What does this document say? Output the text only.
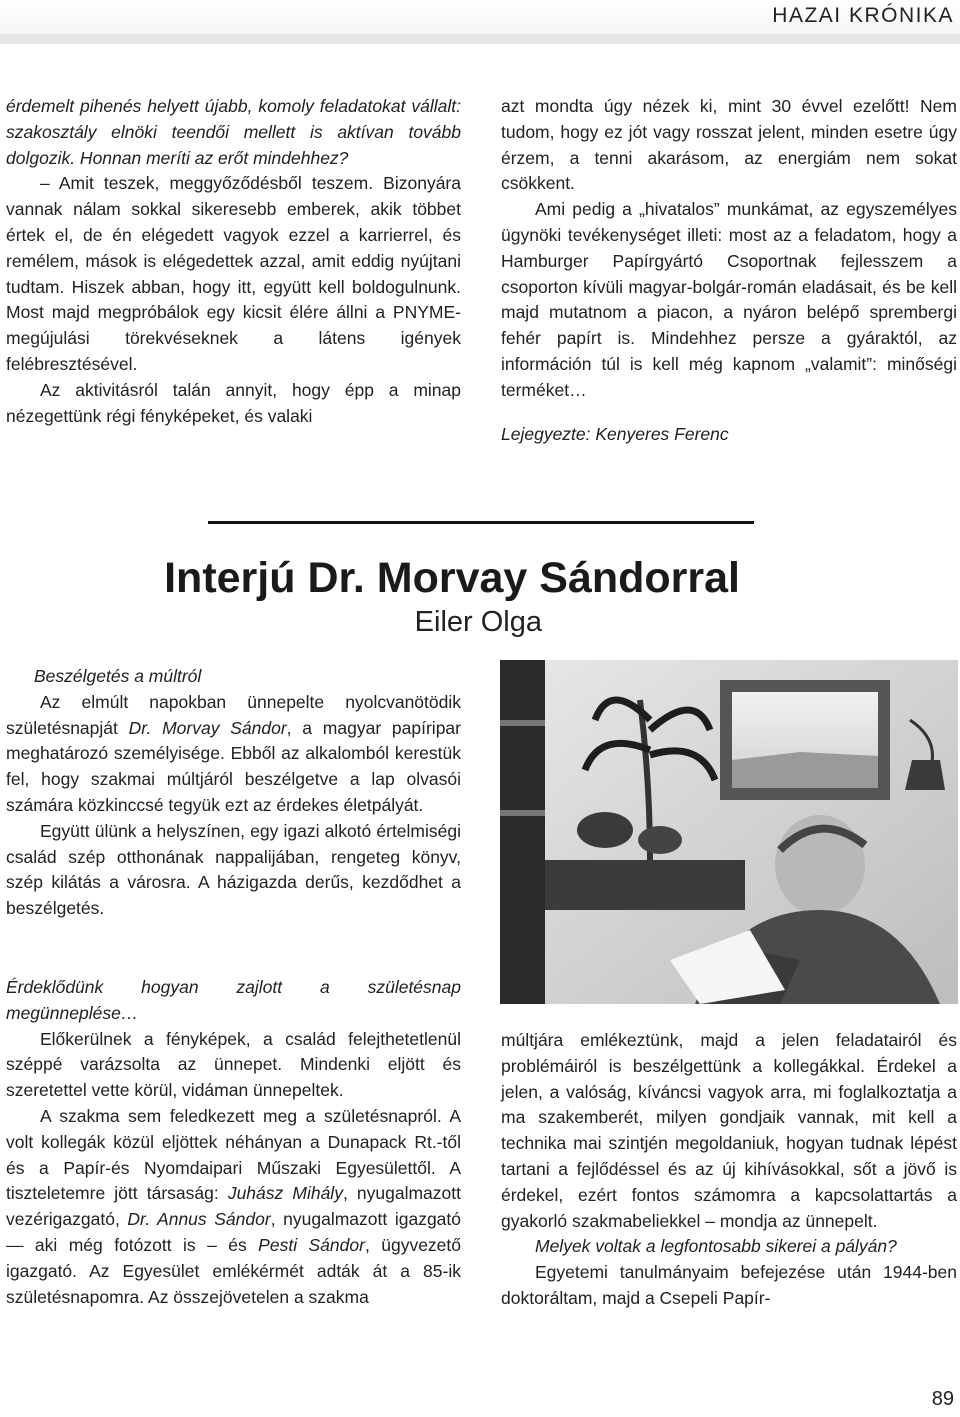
HAZAI KRÓNIKA

érdemelt pihenés helyett újabb, komoly feladatokat vállalt: szakosztály elnöki teendői mellett is aktívan tovább dolgozik. Honnan meríti az erőt mindehhez?

– Amit teszek, meggyőződésből teszem. Bizonyára vannak nálam sokkal sikeresebb emberek, akik többet értek el, de én elégedett vagyok ezzel a karrierrel, és remélem, mások is elégedettek azzal, amit eddig nyújtani tudtam. Hiszek abban, hogy itt, együtt kell boldogulnunk. Most majd megpróbálok egy kicsit élére állni a PNYME-megújulási törekvéseknek a látens igények felébresztésével.

Az aktivitásról talán annyit, hogy épp a minap nézegettünk régi fényképeket, és valaki

azt mondta úgy nézek ki, mint 30 évvel ezelőtt! Nem tudom, hogy ez jót vagy rosszat jelent, minden esetre úgy érzem, a tenni akarásom, az energiám nem sokat csökkent.

Ami pedig a „hivatalos” munkámat, az egyszemélyes ügynöki tevékenységet illeti: most az a feladatom, hogy a Hamburger Papírgyártó Csoportnak fejlesszem a csoporton kívüli magyar-bolgár-román eladásait, és be kell majd mutatnom a piacon, a nyáron belépő sprembergi fehér papírt is. Mindehhez persze a gyáraktól, az információn túl is kell még kapnom „valamit”: minőségi terméket…

Lejegyezte: Kenyeres Ferenc

Interjú Dr. Morvay Sándorral
Eiler Olga

Beszélgetés a múltról

Az elmúlt napokban ünnepelte nyolcvanötödik születésnapját Dr. Morvay Sándor, a magyar papíripar meghatározó személyisége. Ebből az alkalomból kerestük fel, hogy szakmai múltjáról beszélgetve a lap olvasói számára közkinccsé tegyük ezt az érdekes életpályát.

Együtt ülünk a helyszínen, egy igazi alkotó értelmiségi család szép otthonának nappalijában, rengeteg könyv, szép kilátás a városra. A házigazda derűs, kezdődhet a beszélgetés.

Érdeklődünk hogyan zajlott a születésnap megünneplése…

Előkerülnek a fényképek, a család felejthetetlenül széppé varázsolta az ünnepet. Mindenki eljött és szeretettel vette körül, vidáman ünnepeltek.

A szakma sem feledkezett meg a születésnapról. A volt kollegák közül eljöttek néhányan a Dunapack Rt.-től és a Papír-és Nyomdaipari Műszaki Egyesülettől. A tiszteletemre jött társaság: Juhász Mihály, nyugalmazott vezérigazgató, Dr. Annus Sándor, nyugalmazott igazgató — aki még fotózott is – és Pesti Sándor, ügyvezető igazgató. Az Egyesület emlékérmét adták át a 85-ik születésnapomra. Az összejövetelen a szakma

múltjára emlékeztünk, majd a jelen feladatairól és problémáiról is beszélgettünk a kollegákkal. Érdekel a jelen, a valóság, kíváncsi vagyok arra, mi foglalkoztatja a ma szakemberét, milyen gondjaik vannak, mit kell a technika mai szintjén megoldaniuk, hogyan tudnak lépést tartani a fejlődéssel és az új kihívásokkal, sőt a jövő is érdekel, ezért fontos számomra a kapcsolattartás a gyakorló szakmabeliekkel – mondja az ünnepelt.

Melyek voltak a legfontosabb sikerei a pályán?

Egyetemi tanulmányaim befejezése után 1944-ben doktoráltam, majd a Csepeli Papír-

89
